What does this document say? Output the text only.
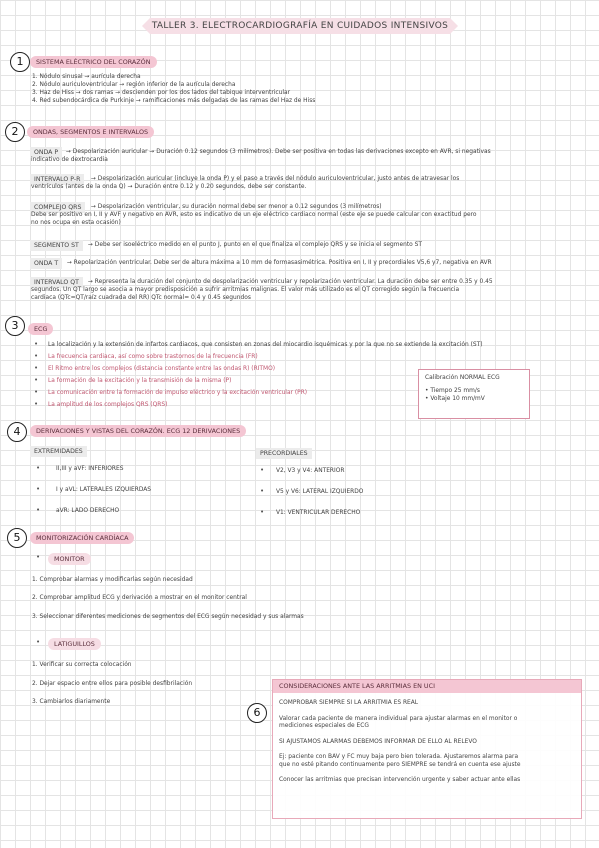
TALLER 3. ELECTROCARDIOGRAFÍA EN CUIDADOS INTENSIVOS
1	SISTEMA ELÉCTRICO DEL CORAZÓN
1. Nódulo sinusal → aurícula derecha
2. Nódulo auriculoventricular → región inferior de la aurícula derecha
3. Haz de Hiss → dos ramas → descienden por los dos lados del tabique interventricular
4. Red subendocárdica de Purkinje → ramificaciones más delgadas de las ramas del Haz de Hiss
2	ONDAS, SEGMENTOS E INTERVALOS
ONDA P	→ Despolarización auricular → Duración 0.12 segundos (3 milímetros). Debe ser positiva en todas las derivaciones excepto en AVR, si negativas
indicativo de dextrocardia
INTERVALO P-R	→ Despolarización auricular (incluye la onda P) y el paso a través del nódulo auriculoventricular, justo antes de atravesar los
ventrículos (antes de la onda Q) → Duración entre 0.12 y 0.20 segundos, debe ser constante.
COMPLEJO QRS	→ Despolarización ventricular, su duración normal debe ser menor a 0.12 segundos (3 milímetros)
Debe ser positivo en I, II y AVF y negativo en AVR, esto es indicativo de un eje eléctrico cardiaco normal (este eje se puede calcular con exactitud pero
no nos ocupa en esta ocasión)
SEGMENTO ST	→ Debe ser isoeléctrico medido en el punto J, punto en el que finaliza el complejo QRS y se inicia el segmento ST
ONDA T	→ Repolarización ventricular. Debe ser de altura máxima a 10 mm de formasasimétrica. Positiva en I, II y precordiales V5,6 y7, negativa en AVR
INTERVALO QT	→ Representa la duración del conjunto de despolarización ventricular y repolarización ventricular. La duración debe ser entre 0.35 y 0.45
segundos. Un QT largo se asocia a mayor predisposición a sufrir arritmias malignas. El valor más utilizado es el QT corregido según la frecuencia
cardiaca (QTc=QT/raíz cuadrada del RR) QTc normal= 0.4 y 0.45 segundos
3	ECG
• La localización y la extensión de infartos cardiacos, que consisten en zonas del miocardio isquémicas y por la que no se extiende la excitación (ST)
• La frecuencia cardiaca, así como sobre trastornos de la frecuencia (FR)
• El Ritmo entre los complejos (distancia constante entre las ondas R) (RITMO)
• La formación de la excitación y la transmisión de la misma (P)
• La comunicación entre la formación de impulso eléctrico y la excitación ventricular (PR)
• La amplitud de los complejos QRS (QRS)
Calibración NORMAL ECG
• Tiempo 25 mm/s
• Voltaje 10 mm/mV
4	DERIVACIONES Y VISTAS DEL CORAZÓN. ECG 12 DERIVACIONES
EXTREMIDADES
•	II,III y aVF: INFERIORES
•	I y aVL: LATERALES IZQUIERDAS
•	aVR: LADO DERECHO
PRECORDIALES
• V2, V3 y V4: ANTERIOR
• V5 y V6: LATERAL IZQUIERDO
• V1: VENTRICULAR DERECHO
5	MONITORIZACIÓN CARDÍACA
•	MONITOR
1. Comprobar alarmas y modificarlas según necesidad
2. Comprobar amplitud ECG y derivación a mostrar en el monitor central
3. Seleccionar diferentes mediciones de segmentos del ECG según necesidad y sus alarmas
•	LATIGUILLOS
1. Verificar su correcta colocación
2. Dejar espacio entre ellos para posible desfibrilación
3. Cambiarlos diariamente
CONSIDERACIONES ANTE LAS ARRITMIAS EN UCI
COMPROBAR SIEMPRE SI LA ARRITMIA ES REAL
Valorar cada paciente de manera individual para ajustar alarmas en el monitor o
mediciones especiales de ECG
SI AJUSTAMOS ALARMAS DEBEMOS INFORMAR DE ELLO AL RELEVO
Ej: paciente con BAV y FC muy baja pero bien tolerada. Ajustaremos alarma para
que no esté pitando continuamente pero SIEMPRE se tendrá en cuenta ese ajuste
Conocer las arritmias que precisan intervención urgente y saber actuar ante ellas
6
